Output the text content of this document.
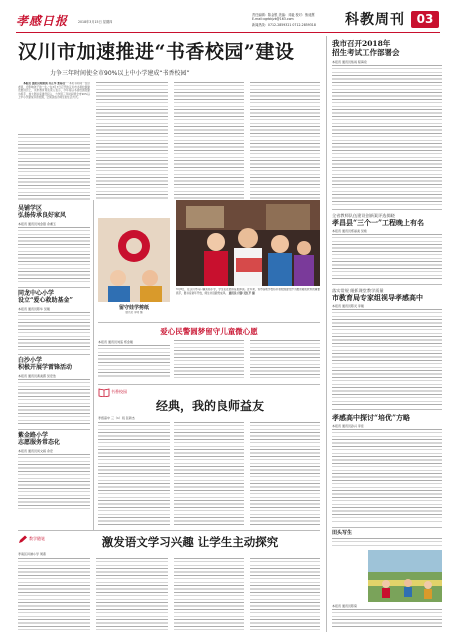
孝感日报	2018年3月15日 星期四
责任编辑：陈金银 美编：邓毅 校对：熊迪慧
E-mail:xgrbkjzk@163.com
新闻热线：0712-2859321 0712-2859318 科教周刊 03
汉川市加速推进“书香校园”建设
力争三年时间使全市90%以上中小学建成“书香校园”

本报讯 通讯员何绪国 肖芷华 张易佳“一本好书如同一位好老师，会影响孩子的一生。”在3月7日召开的汉川市书香校园建设推进会上，该市教育局负责人表示，今年将以书香校园创建为抓手，加大图书室建设投入，力争用三年时间使全市90%以上中小学建成书香校园，让阅读成为师生的生活方式。

3月8日，在汉川市马口镇实验小学，学生们在图书室里捧读。近年来，该市各地学校将书香校园建设作为推进素质教育的重要抓手，图书室常年开放，师生共读蔚然成风。 通讯员 付静 吴红平 摄
留守娃学剪纸
通讯员 李明 摄
吴铺学区
弘扬传承良好家风
本报讯 通讯员刘金银 余湘玉
同龙中心小学
设立“爱心救助基金”
本报讯 通讯员陈华 吴刚
白沙小学
积极开展学雷锋活动
本报讯 通讯员黄美霞 吴宏浩
紫金路小学
志愿服务常态化
本报讯 通讯员何文娟 余宏
爱心民警圆梦留守儿童微心愿
本报讯 通讯员刘鉴 郑金刚
书香校园
经典，我的良师益友
孝感高中 三（1）班 张新杰
教学随笔	激发语文学习兴趣 让学生主动探究
孝南区肖港小学 周燕
我市召开2018年
招生考试工作部署会
本报讯 通讯员熊雨 程海泉
全省教师队伍建设创新案评选揭晓
孝昌县“三个一”工程晚上有名
本报讯 通讯员郑丽美 吴艳
落实常规 细抓课堂教学质量
市教育局专家组视导孝感高中
本报讯 通讯员陈灵 李刚
孝感高中探讨“培优”方略
本报讯 通讯员孙兴 李佳
田头写生
本报讯 通讯员陈菊
